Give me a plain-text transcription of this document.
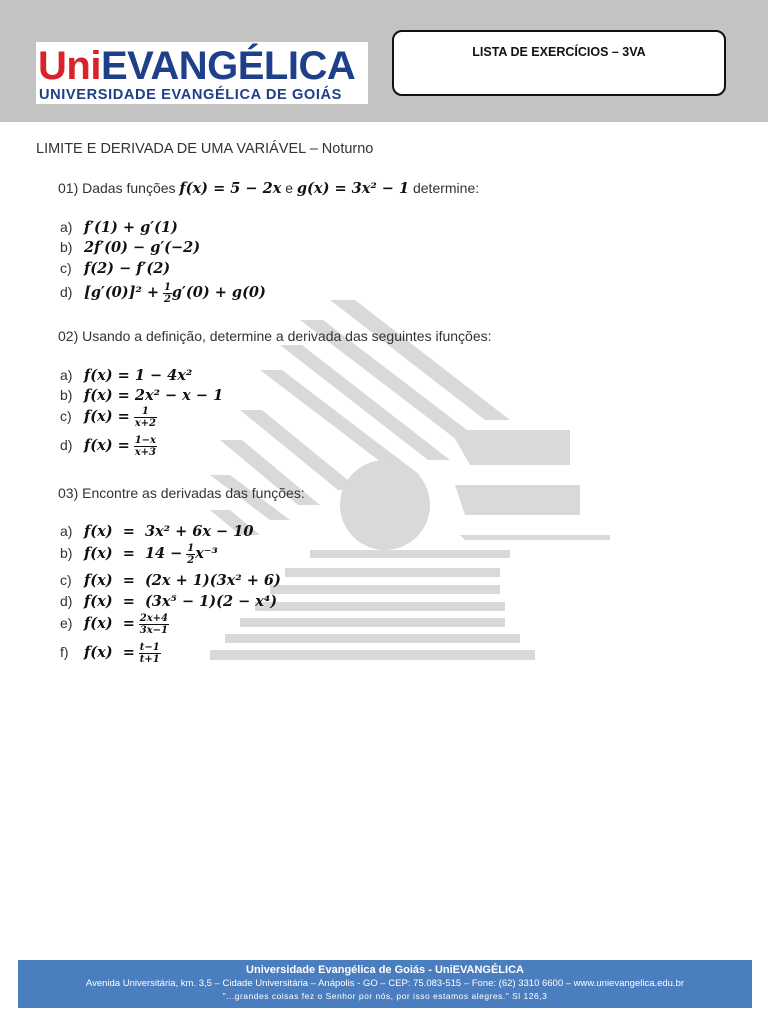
UniEVANGÉLICA
UNIVERSIDADE EVANGÉLICA DE GOIÁS
LISTA DE EXERCÍCIOS – 3VA
LIMITE E DERIVADA DE UMA VARIÁVEL – Noturno
01) Dadas funções f(x) = 5 − 2x e g(x) = 3x² − 1 determine:
a) f′(1) + g′(1)
b) 2f′(0) − g′(−2)
c) f(2) − f′(2)
d) $[g'(0)]^2 + \frac{1}{2} g'(0) + g(0)$
02) Usando a definição, determine a derivada das seguintes ifunções:
a) f(x) = 1 − 4x²
b) f(x) = 2x² − x − 1
c) $f(x) = \frac{1}{x+2}$
d) $f(x) = \frac{1-x}{x+3}$
03) Encontre as derivadas das funções:
a) f(x)  =  3x² + 6x − 10
b) $f(x) = 14 - \frac{1}{2} x^{-3}$
c) f(x)  =  (2x + 1)(3x² + 6)
d) f(x)  =  (3x⁵ − 1)(2 − x⁴)
e) $f(x) = \frac{2x+4}{3x-1}$
f) $f(x) = \frac{t-1}{t+1}$
Universidade Evangélica de Goiás - UniEVANGÉLICA
Avenida Universitária, km. 3,5 – Cidade Universitária – Anápolis - GO – CEP: 75.083-515 – Fone: (62) 3310 6600 – www.unievangelica.edu.br
"...grandes coisas fez o Senhor por nós, por isso estamos alegres." Sl 126,3
